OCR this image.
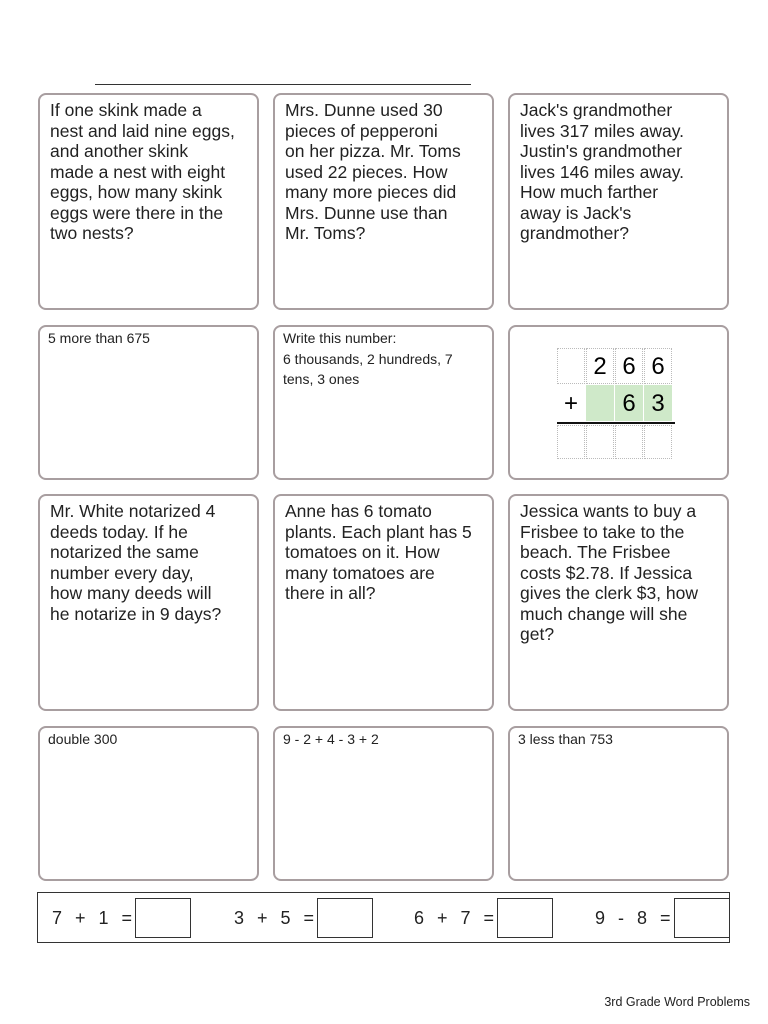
If one skink made a
nest and laid nine eggs,
and another skink
made a nest with eight
eggs, how many skink
eggs were there in the
two nests?
Mrs. Dunne used 30
pieces of pepperoni
on her pizza. Mr. Toms
used 22 pieces. How
many more pieces did
Mrs. Dunne use than
Mr. Toms?
Jack's grandmother
lives 317 miles away.
Justin's grandmother
lives 146 miles away.
How much farther
away is Jack's
grandmother?
5 more than 675	Write this number:
6 thousands, 2 hundreds, 7
tens, 3 ones	2 6 6
+	6 3
Mr. White notarized 4
deeds today. If he
notarized the same
number every day,
how many deeds will
he notarize in 9 days?
Anne has 6 tomato
plants. Each plant has 5
tomatoes on it. How
many tomatoes are
there in all?
Jessica wants to buy a
Frisbee to take to the
beach. The Frisbee
costs $2.78. If Jessica
gives the clerk $3, how
much change will she
get?
double 300	9 - 2 + 4 - 3 + 2	3 less than 753
7  +  1  =	3  +  5  =	6  +  7  =	9  -  8  =
3rd Grade Word Problems
